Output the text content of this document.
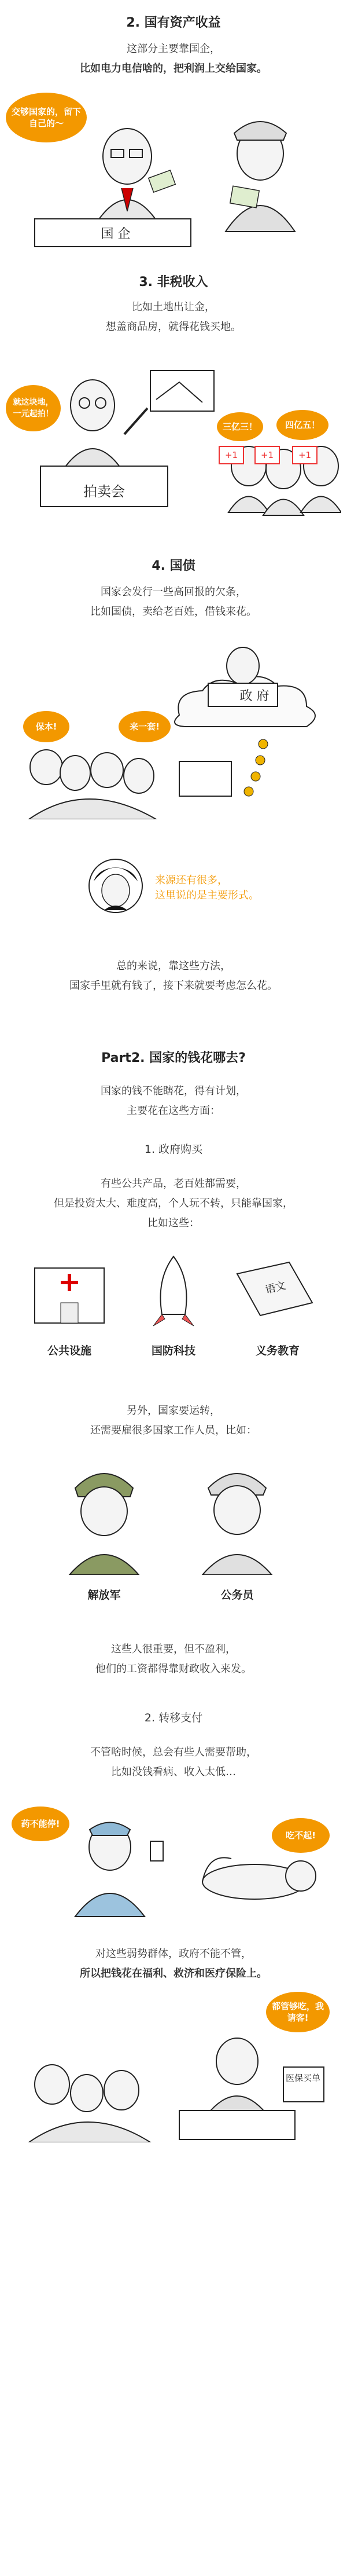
2. 国有资产收益
这部分主要靠国企，
比如电力电信啥的，把利润上交给国家。
交够国家的，留下自己的～
国 企
3. 非税收入
比如土地出让金，
想盖商品房，就得花钱买地。
就这块地，一元起拍！
三亿三！	四亿五！
+1	+1	+1
拍卖会
4. 国债
国家会发行一些高回报的欠条，
比如国债，卖给老百姓，借钱来花。
政 府
保本!	来一套!
来源还有很多，
这里说的是主要形式。
总的来说，靠这些方法，
国家手里就有钱了，接下来就要考虑怎么花。
Part2. 国家的钱花哪去?
国家的钱不能瞎花，得有计划，
主要花在这些方面：
1. 政府购买
有些公共产品，老百姓都需要，
但是投资太大、难度高，个人玩不转，只能靠国家，
比如这些：
语文
公共设施	国防科技	义务教育
另外，国家要运转，
还需要雇很多国家工作人员，比如：
解放军	公务员
这些人很重要，但不盈利，
他们的工资都得靠财政收入来发。
2. 转移支付
不管啥时候，总会有些人需要帮助，
比如没钱看病、收入太低…
药不能停!
吃不起!
对这些弱势群体，政府不能不管，
所以把钱花在福利、救济和医疗保险上。
都管够吃，我请客!
医保买单
